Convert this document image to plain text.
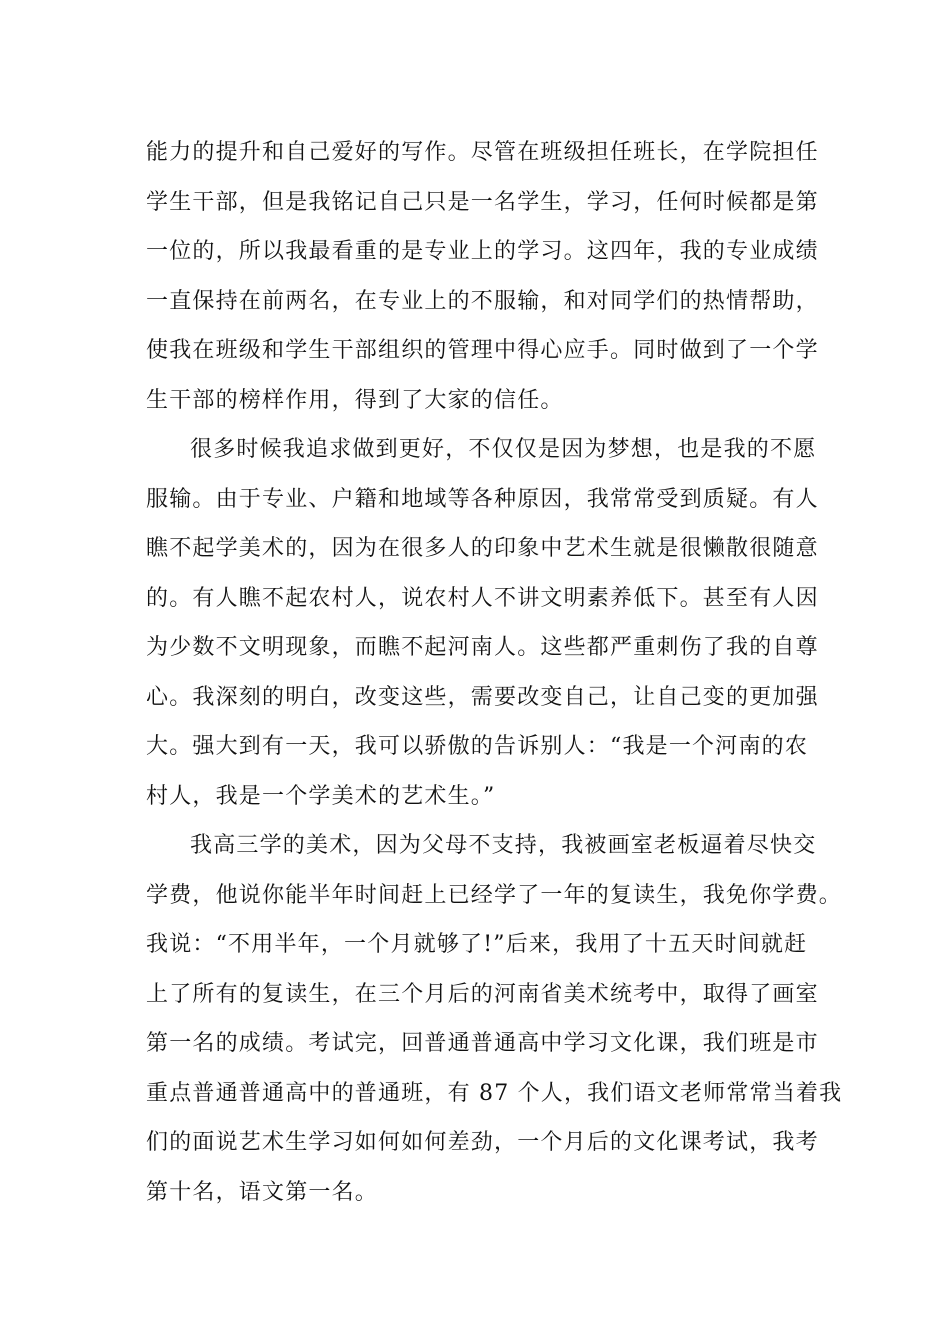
能力的提升和自己爱好的写作。尽管在班级担任班长，在学院担任
学生干部，但是我铭记自己只是一名学生，学习，任何时候都是第
一位的，所以我最看重的是专业上的学习。这四年，我的专业成绩
一直保持在前两名，在专业上的不服输，和对同学们的热情帮助，
使我在班级和学生干部组织的管理中得心应手。同时做到了一个学
生干部的榜样作用，得到了大家的信任。
很多时候我追求做到更好，不仅仅是因为梦想，也是我的不愿
服输。由于专业、户籍和地域等各种原因，我常常受到质疑。有人
瞧不起学美术的，因为在很多人的印象中艺术生就是很懒散很随意
的。有人瞧不起农村人，说农村人不讲文明素养低下。甚至有人因
为少数不文明现象，而瞧不起河南人。这些都严重刺伤了我的自尊
心。我深刻的明白，改变这些，需要改变自己，让自己变的更加强
大。强大到有一天，我可以骄傲的告诉别人：“我是一个河南的农
村人，我是一个学美术的艺术生。”
我高三学的美术，因为父母不支持，我被画室老板逼着尽快交
学费，他说你能半年时间赶上已经学了一年的复读生，我免你学费。
我说：“不用半年，一个月就够了!”后来，我用了十五天时间就赶
上了所有的复读生，在三个月后的河南省美术统考中，取得了画室
第一名的成绩。考试完，回普通普通高中学习文化课，我们班是市
重点普通普通高中的普通班，有 87 个人，我们语文老师常常当着我
们的面说艺术生学习如何如何差劲，一个月后的文化课考试，我考
第十名，语文第一名。
